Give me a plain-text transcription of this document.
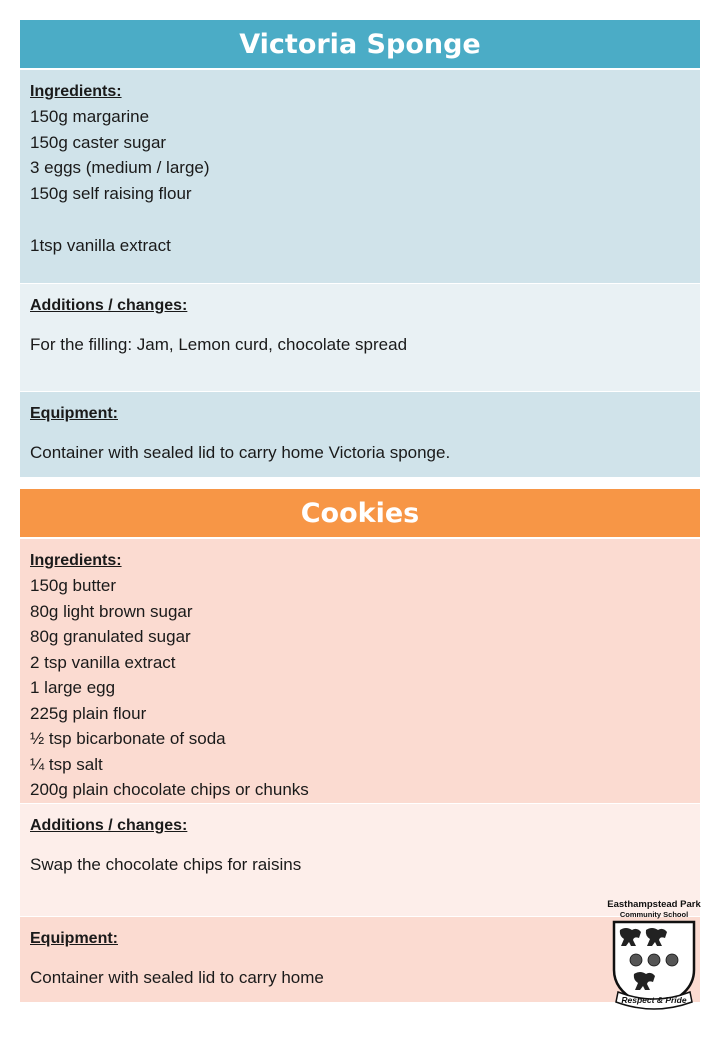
Victoria Sponge

Ingredients:

150g margarine

150g caster sugar

3 eggs (medium / large)

150g self raising flour

1tsp vanilla extract

Additions / changes:

For the filling: Jam, Lemon curd, chocolate spread

Equipment:

Container with sealed lid to carry home Victoria sponge.

Cookies

Ingredients:

150g butter

80g light brown sugar

80g granulated sugar

2 tsp vanilla extract

1 large egg

225g plain flour

½ tsp bicarbonate of soda

¼ tsp salt

200g plain chocolate chips or chunks

Additions / changes:

Swap the chocolate chips for raisins

Equipment:

Container with sealed lid to carry home

Easthampstead Park
Community School
Respect & Pride
